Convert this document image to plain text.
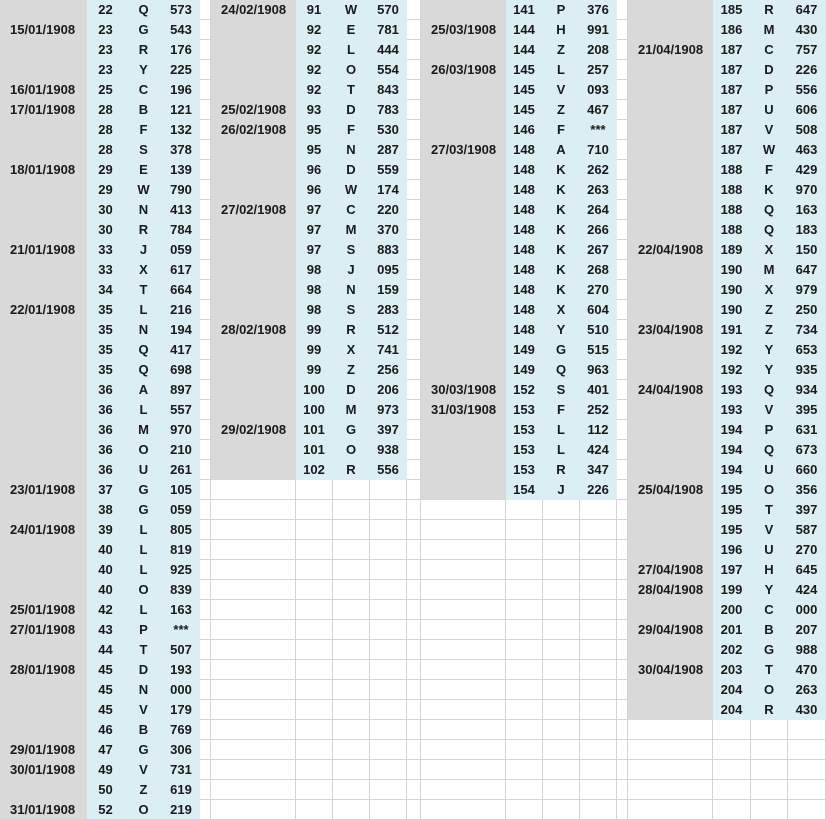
22	Q	573
15/01/1908	23	G	543
23	R	176
23	Y	225
16/01/1908	25	C	196
17/01/1908	28	B	121
28	F	132
28	S	378
18/01/1908	29	E	139
29	W	790
30	N	413
30	R	784
21/01/1908	33	J	059
33	X	617
34	T	664
22/01/1908	35	L	216
35	N	194
35	Q	417
35	Q	698
36	A	897
36	L	557
36	M	970
36	O	210
36	U	261
23/01/1908	37	G	105
38	G	059
24/01/1908	39	L	805
40	L	819
40	L	925
40	O	839
25/01/1908	42	L	163
27/01/1908	43	P	***
44	T	507
28/01/1908	45	D	193
45	N	000
45	V	179
46	B	769
29/01/1908	47	G	306
30/01/1908	49	V	731
50	Z	619
31/01/1908	52	O	219
24/02/1908	91	W	570
92	E	781
92	L	444
92	O	554
92	T	843
25/02/1908	93	D	783
26/02/1908	95	F	530
95	N	287
96	D	559
96	W	174
27/02/1908	97	C	220
97	M	370
97	S	883
98	J	095
98	N	159
98	S	283
28/02/1908	99	R	512
99	X	741
99	Z	256
100	D	206
100	M	973
29/02/1908	101	G	397
101	O	938
102	R	556
141	P	376
25/03/1908	144	H	991
144	Z	208
26/03/1908	145	L	257
145	V	093
145	Z	467
146	F	***
27/03/1908	148	A	710
148	K	262
148	K	263
148	K	264
148	K	266
148	K	267
148	K	268
148	K	270
148	X	604
148	Y	510
149	G	515
149	Q	963
30/03/1908	152	S	401
31/03/1908	153	F	252
153	L	112
153	L	424
153	R	347
154	J	226
185	R	647
186	M	430
21/04/1908	187	C	757
187	D	226
187	P	556
187	U	606
187	V	508
187	W	463
188	F	429
188	K	970
188	Q	163
188	Q	183
22/04/1908	189	X	150
190	M	647
190	X	979
190	Z	250
23/04/1908	191	Z	734
192	Y	653
192	Y	935
24/04/1908	193	Q	934
193	V	395
194	P	631
194	Q	673
194	U	660
25/04/1908	195	O	356
195	T	397
195	V	587
196	U	270
27/04/1908	197	H	645
28/04/1908	199	Y	424
200	C	000
29/04/1908	201	B	207
202	G	988
30/04/1908	203	T	470
204	O	263
204	R	430
